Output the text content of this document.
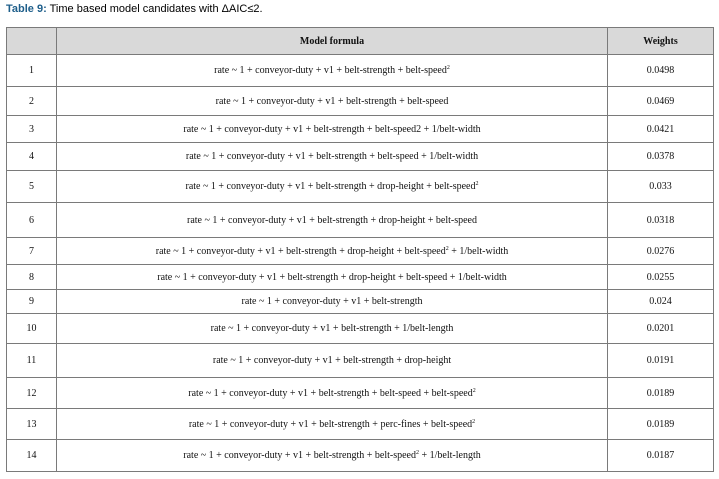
Table 9: Time based model candidates with ΔAIC≤2.
	Model formula	Weights
1	rate ~ 1 + conveyor-duty + v1 + belt-strength + belt-speed$^2$	0.0498
2	rate ~ 1 + conveyor-duty + v1 + belt-strength + belt-speed	0.0469
3	rate ~ 1 + conveyor-duty + v1 + belt-strength + belt-speed2 + 1/belt-width	0.0421
4	rate ~ 1 + conveyor-duty + v1 + belt-strength + belt-speed + 1/belt-width	0.0378
5	rate ~ 1 + conveyor-duty + v1 + belt-strength + drop-height + belt-speed$^2$	0.033
6	rate ~ 1 + conveyor-duty + v1 + belt-strength + drop-height + belt-speed	0.0318
7	rate ~ 1 + conveyor-duty + v1 + belt-strength + drop-height + belt-speed$^2$ + 1/belt-width	0.0276
8	rate ~ 1 + conveyor-duty + v1 + belt-strength + drop-height + belt-speed + 1/belt-width	0.0255
9	rate ~ 1 + conveyor-duty + v1 + belt-strength	0.024
10	rate ~ 1 + conveyor-duty + v1 + belt-strength + 1/belt-length	0.0201
11	rate ~ 1 + conveyor-duty + v1 + belt-strength + drop-height	0.0191
12	rate ~ 1 + conveyor-duty + v1 + belt-strength + belt-speed + belt-speed$^2$	0.0189
13	rate ~ 1 + conveyor-duty + v1 + belt-strength + perc-fines + belt-speed$^2$	0.0189
14	rate ~ 1 + conveyor-duty + v1 + belt-strength + belt-speed$^2$ + 1/belt-length	0.0187
